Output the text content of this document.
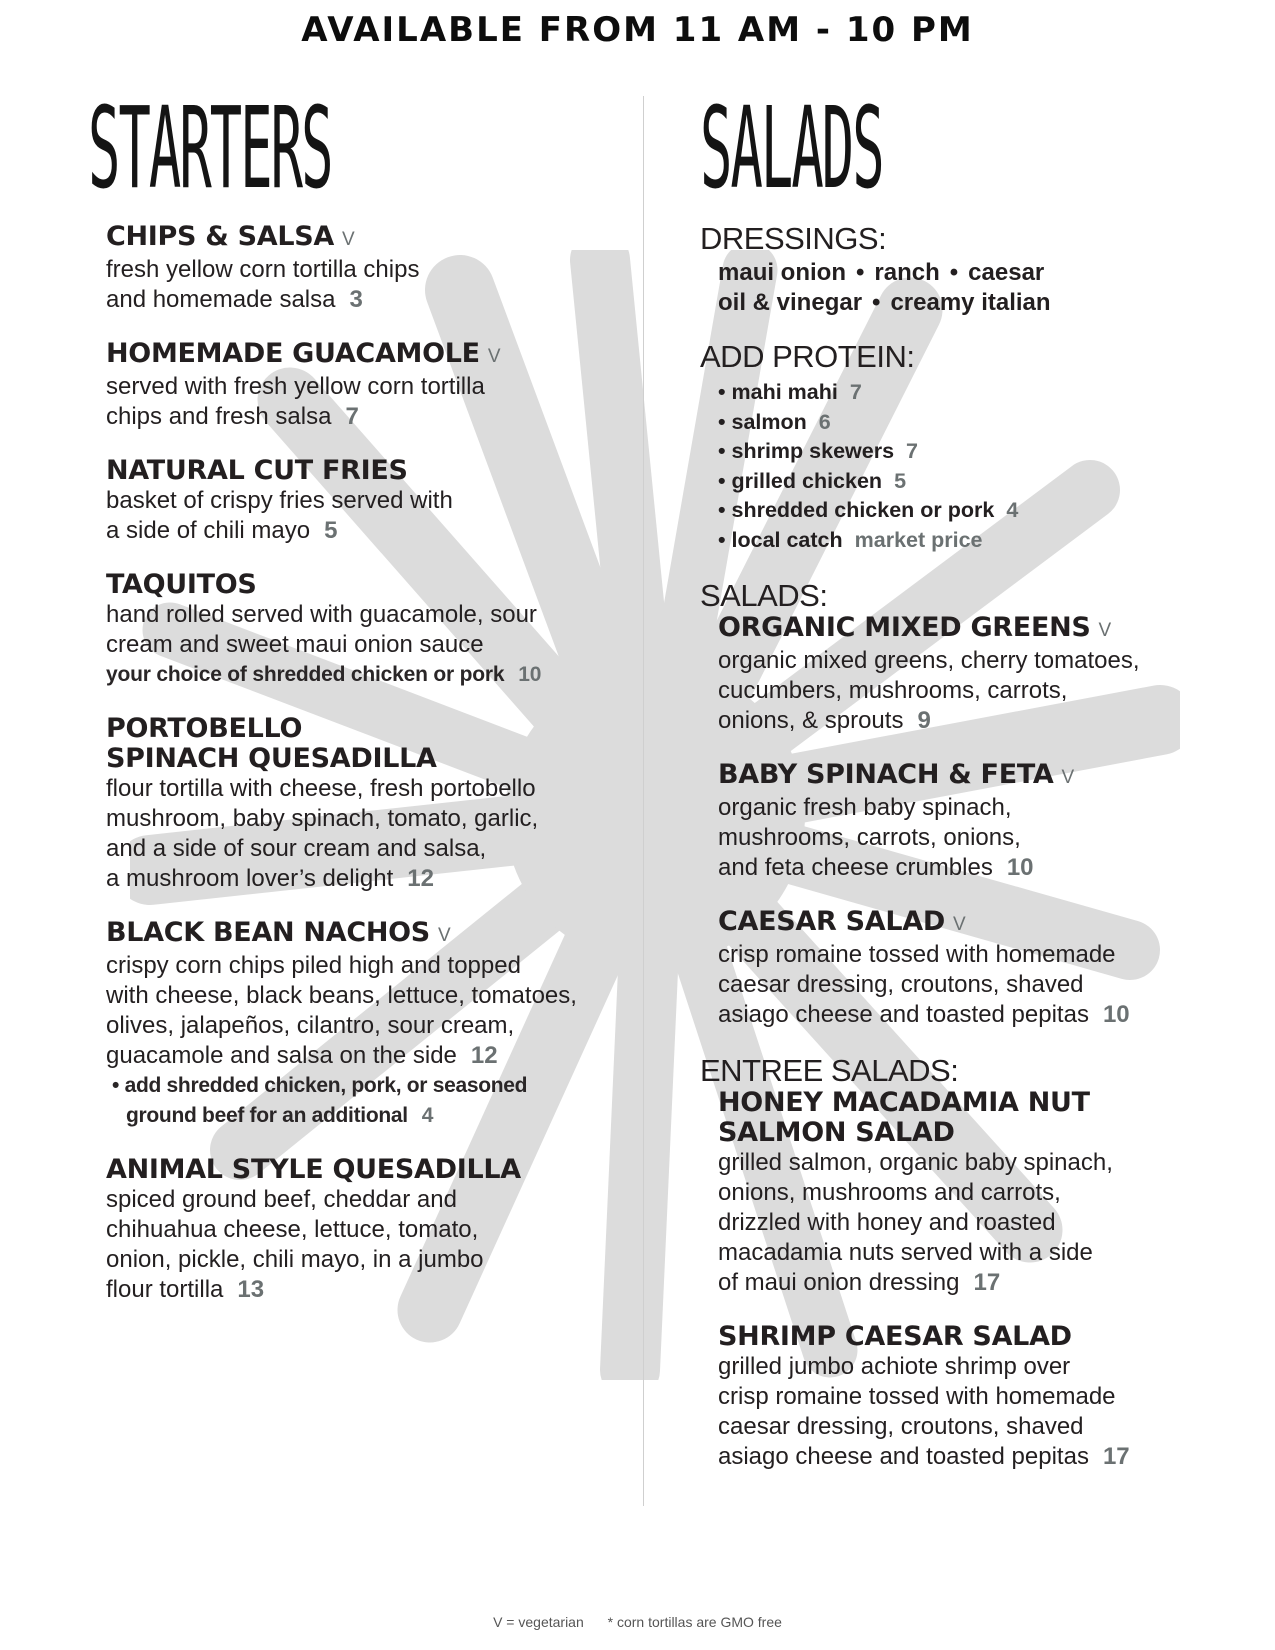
AVAILABLE FROM 11 AM - 10 PM
STARTERS
CHIPS & SALSA V
fresh yellow corn tortilla chips
and homemade salsa 3
HOMEMADE GUACAMOLE V
served with fresh yellow corn tortilla
chips and fresh salsa 7
NATURAL CUT FRIES
basket of crispy fries served with
a side of chili mayo 5
TAQUITOS
hand rolled served with guacamole, sour
cream and sweet maui onion sauce
your choice of shredded chicken or pork 10
PORTOBELLO
SPINACH QUESADILLA
flour tortilla with cheese, fresh portobello
mushroom, baby spinach, tomato, garlic,
and a side of sour cream and salsa,
a mushroom lover’s delight 12
BLACK BEAN NACHOS V
crispy corn chips piled high and topped
with cheese, black beans, lettuce, tomatoes,
olives, jalapeños, cilantro, sour cream,
guacamole and salsa on the side 12
• add shredded chicken, pork, or seasoned
ground beef for an additional 4
ANIMAL STYLE QUESADILLA
spiced ground beef, cheddar and
chihuahua cheese, lettuce, tomato,
onion, pickle, chili mayo, in a jumbo
flour tortilla 13
SALADS
DRESSINGS:
maui onion • ranch • caesar
oil & vinegar • creamy italian
ADD PROTEIN:
• mahi mahi 7
• salmon 6
• shrimp skewers 7
• grilled chicken 5
• shredded chicken or pork 4
• local catch market price
SALADS:
ORGANIC MIXED GREENS V
organic mixed greens, cherry tomatoes,
cucumbers, mushrooms, carrots,
onions, & sprouts 9
BABY SPINACH & FETA V
organic fresh baby spinach,
mushrooms, carrots, onions,
and feta cheese crumbles 10
CAESAR SALAD V
crisp romaine tossed with homemade
caesar dressing, croutons, shaved
asiago cheese and toasted pepitas 10
ENTREE SALADS:
HONEY MACADAMIA NUT
SALMON SALAD
grilled salmon, organic baby spinach,
onions, mushrooms and carrots,
drizzled with honey and roasted
macadamia nuts served with a side
of maui onion dressing 17
SHRIMP CAESAR SALAD
grilled jumbo achiote shrimp over
crisp romaine tossed with homemade
caesar dressing, croutons, shaved
asiago cheese and toasted pepitas 17
V = vegetarian * corn tortillas are GMO free
